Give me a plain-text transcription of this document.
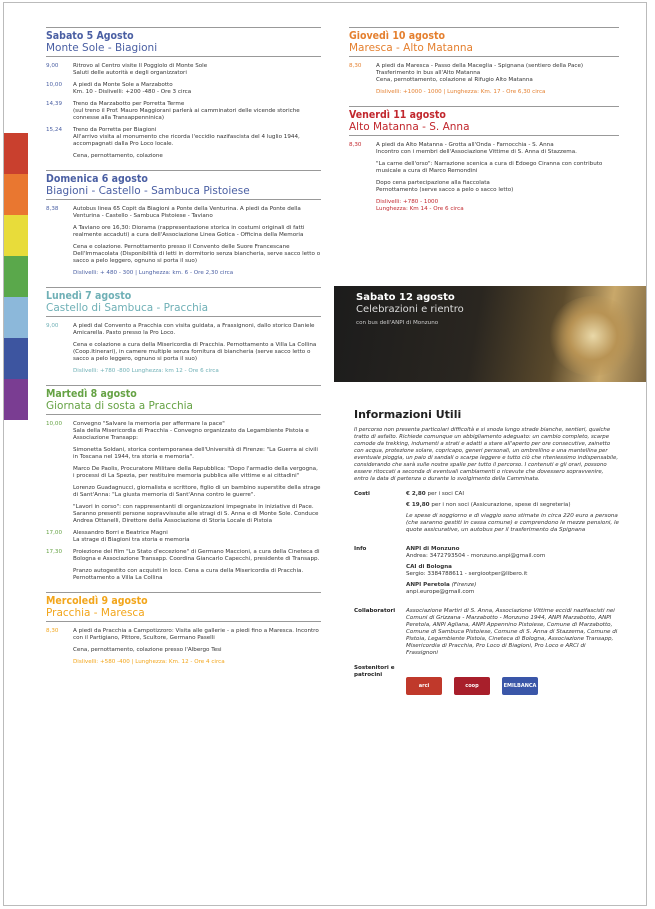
Sabato 5 Agosto
Monte Sole - Biagioni
9,00	Ritrovo al Centro visite Il Poggiolo di Monte Sole
Saluti delle autorità e degli organizzatori
10,00	A piedi da Monte Sole a Marzabotto
Km. 10 - Dislivelli: +200 -480 - Ore 3 circa
14,39	Treno da Marzabotto per Porretta Terme
(sul treno il Prof. Mauro Maggiorani parlerà ai camminatori delle vicende storiche connesse alla Transappenninica)
15,24	Treno da Porretta per Biagioni
All'arrivo visita al monumento che ricorda l'eccidio nazifascista del 4 luglio 1944, accompagnati dalla Pro Loco locale.
Cena, pernottamento, colazione
Domenica 6 agosto
Biagioni - Castello - Sambuca Pistoiese
8,38	Autobus linea 65 Copit da Biagioni a Ponte della Venturina. A piedi da Ponte della Venturina - Castello - Sambuca Pistoiese - Taviano
A Taviano ore 16,30: Diorama (rappresentazione storica in costumi originali di fatti realmente accaduti) a cura dell'Associazione Linea Gotica - Officina della Memoria
Cena e colazione. Pernottamento presso il Convento delle Suore Francescane Dell'Immacolata (Disponibilità di letti in dormitorio senza biancheria, serve sacco letto o sacco a pelo leggero, ognuno si porta il suo)
Dislivelli: + 480 - 300 | Lunghezza: km. 6 - Ore 2,30 circa
Lunedì 7 agosto
Castello di Sambuca - Pracchia
9,00	A piedi dal Convento a Pracchia con visita guidata, a Frassignoni, dallo storico Daniele Amicarella. Pasto presso la Pro Loco.
Cena e colazione a cura della Misericordia di Pracchia. Pernottamento a Villa La Collina (Coop.Itinerari), in camere multiple senza fornitura di biancheria (serve sacco letto o sacco a pelo leggero, ognuno si porta il suo)
Dislivelli: +780 -800 Lunghezza: km 12 - Ore 6 circa
Martedì 8 agosto
Giornata di sosta a Pracchia
10,00	Convegno "Salvare la memoria per affermare la pace"
Sala della Misericordia di Pracchia - Convegno organizzato da Legambiente Pistoia e Associazione Transapp:
Simonetta Soldani, storica contemporanea dell'Università di Firenze: "La Guerra ai civili in Toscana nel 1944, tra storia e memoria".
Marco De Paolis, Procuratore Militare della Repubblica: "Dopo l'armadio della vergogna, i processi di La Spezia, per restituire memoria pubblica alle vittime e ai cittadini"
Lorenzo Guadagnucci, giornalista e scrittore, figlio di un bambino superstite della strage di Sant'Anna: "La giusta memoria di Sant'Anna contro le guerre".
"Lavori in corso": con rappresentanti di organizzazioni impegnate in iniziative di Pace. Saranno presenti persone sopravvissute alle stragi di S. Anna e di Monte Sole. Conduce Andrea Ottanelli, Direttore della Associazione di Storia Locale di Pistoia
17,00	Alessandro Borri e Beatrice Magni
La strage di Biagioni tra storia e memoria
17,30	Proiezione del film "Lo Stato d'eccezione" di Germano Maccioni, a cura della Cineteca di Bologna e Associazione Transapp. Coordina Giancarlo Capecchi, presidente di Transapp.
Pranzo autogestito con acquisti in loco. Cena a cura della Misericordia di Pracchia. Pernottamento a Villa La Collina
Mercoledì 9 agosto
Pracchia - Maresca
8,30	A piedi da Pracchia a Campotizzoro: Visita alle gallerie - a piedi fino a Maresca. Incontro con il Partigiano, Pittore, Scultore, Germano Paselli
Cena, pernottamento, colazione presso l'Albergo Tesi
Dislivelli: +580 -400 | Lunghezza: Km. 12 - Ore 4 circa
Giovedì 10 agosto
Maresca - Alto Matanna
8,30	A piedi da Maresca - Passo della Maceglia - Spignana (sentiero della Pace)
Trasferimento in bus all'Alto Matanna
Cena, pernottamento, colazione al Rifugio Alto Matanna
Dislivelli: +1000 - 1000 | Lunghezza: Km. 17 - Ore 6,30 circa
Venerdì 11 agosto
Alto Matanna - S. Anna
8,30	A piedi da Alto Matanna - Grotta all'Onda - Farnocchia - S. Anna
Incontro con i membri dell'Associazione Vittime di S. Anna di Stazzema.
"La carne dell'orso": Narrazione scenica a cura di Edoego Ciranna con contributo musicale a cura di Marco Remondini
Dopo cena partecipazione alla fiaccolata
Pernottamento (serve sacco a pelo o sacco letto)
Dislivelli: +780 - 1000
Lunghezza: Km 14 - Ore 6 circa
Sabato 12 agosto
Celebrazioni e rientro
con bus dell'ANPI di Monzuno
Informazioni Utili
Il percorso non presenta particolari difficoltà e si snoda lungo strade bianche, sentieri, qualche tratto di asfalto. Richiede comunque un abbigliamento adeguato: un cambio completo, scarpe comode da trekking, indumenti a strati e adatti a stare all'aperto per ore consecutive, zainetto con acqua, protezione solare, copricapo, generi personali, un ombrellino e una mantellina per eventuale pioggia, un paio di sandali o scarpe leggere e tutto ciò che riteniessimo indispensabile, considerando che sarà sulle nostre spalle per tutto il percorso. I contenuti e gli orari, possono essere ritoccati a seconda di eventuali cambiamenti o ricevute che dovessero sopravvenire, entro la data di partenza o durante lo svolgimento della Camminata.
Costi	€ 2,80 per i soci CAI

€ 19,80 per i non soci (Assicurazione, spese di segreteria)

Le spese di soggiorno e di viaggio sono stimate in circa 220 euro a persona (che saranno gestiti in cassa comune) e comprendono le mezze pensioni, le quote assicurative, un autobus per il trasferimento da Spignana

Info	ANPI di Monzuno
Andrea: 3472793504 - monzuno.anpi@gmail.com

CAI di Bologna
Sergio: 3384788611 - sergiootper@libero.it

ANPI Peretola (Firenze)
anpi.europe@gmail.com

Collaboratori	Associazione Martiri di S. Anna, Associazione Vittime eccidi nazifascisti nei Comuni di Grizzana - Marzabotto - Monzuno 1944, ANPI Marzabotto, ANPI Peretola, ANPI Agliana, ANPI Appennino Pistoiese, Comune di Marzabotto, Comune di Sambuca Pistoiese, Comune di S. Anna di Stazzema, Comune di Pistoia, Legambiente Pistoia, Cineteca di Bologna, Associazione Transapp, Misericordia di Pracchia, Pro Loco di Biagioni, Pro Loco e ARCI di Frassignoni
Sostenitori e patrocini
arci	coop	EMILBANCA
